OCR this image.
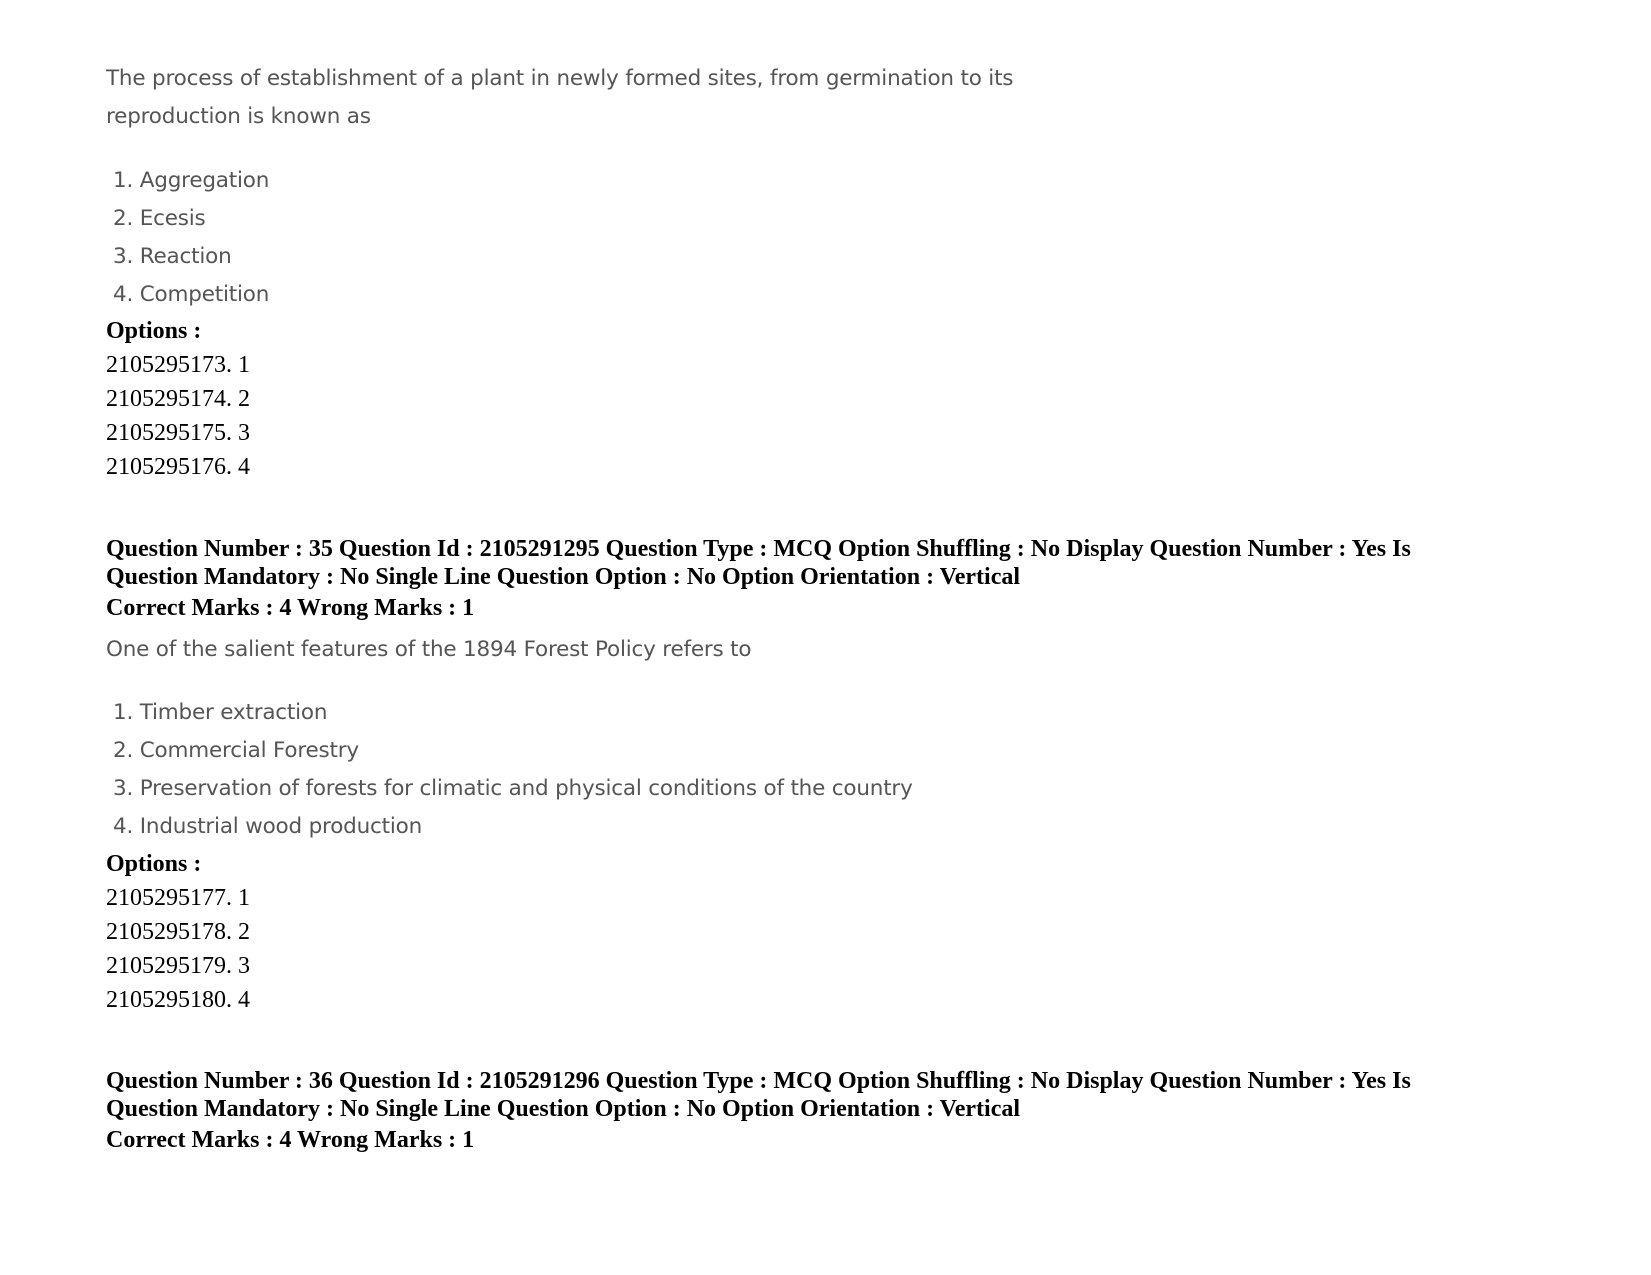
The process of establishment of a plant in newly formed sites, from germination to its

reproduction is known as

1. Aggregation
2. Ecesis
3. Reaction
4. Competition

Options :

2105295173. 1
2105295174. 2
2105295175. 3
2105295176. 4

Question Number : 35 Question Id : 2105291295 Question Type : MCQ Option Shuffling : No Display Question Number : Yes Is

Question Mandatory : No Single Line Question Option : No Option Orientation : Vertical

Correct Marks : 4 Wrong Marks : 1

One of the salient features of the 1894 Forest Policy refers to

1. Timber extraction
2. Commercial Forestry
3. Preservation of forests for climatic and physical conditions of the country
4. Industrial wood production

Options :

2105295177. 1
2105295178. 2
2105295179. 3
2105295180. 4

Question Number : 36 Question Id : 2105291296 Question Type : MCQ Option Shuffling : No Display Question Number : Yes Is

Question Mandatory : No Single Line Question Option : No Option Orientation : Vertical

Correct Marks : 4 Wrong Marks : 1
